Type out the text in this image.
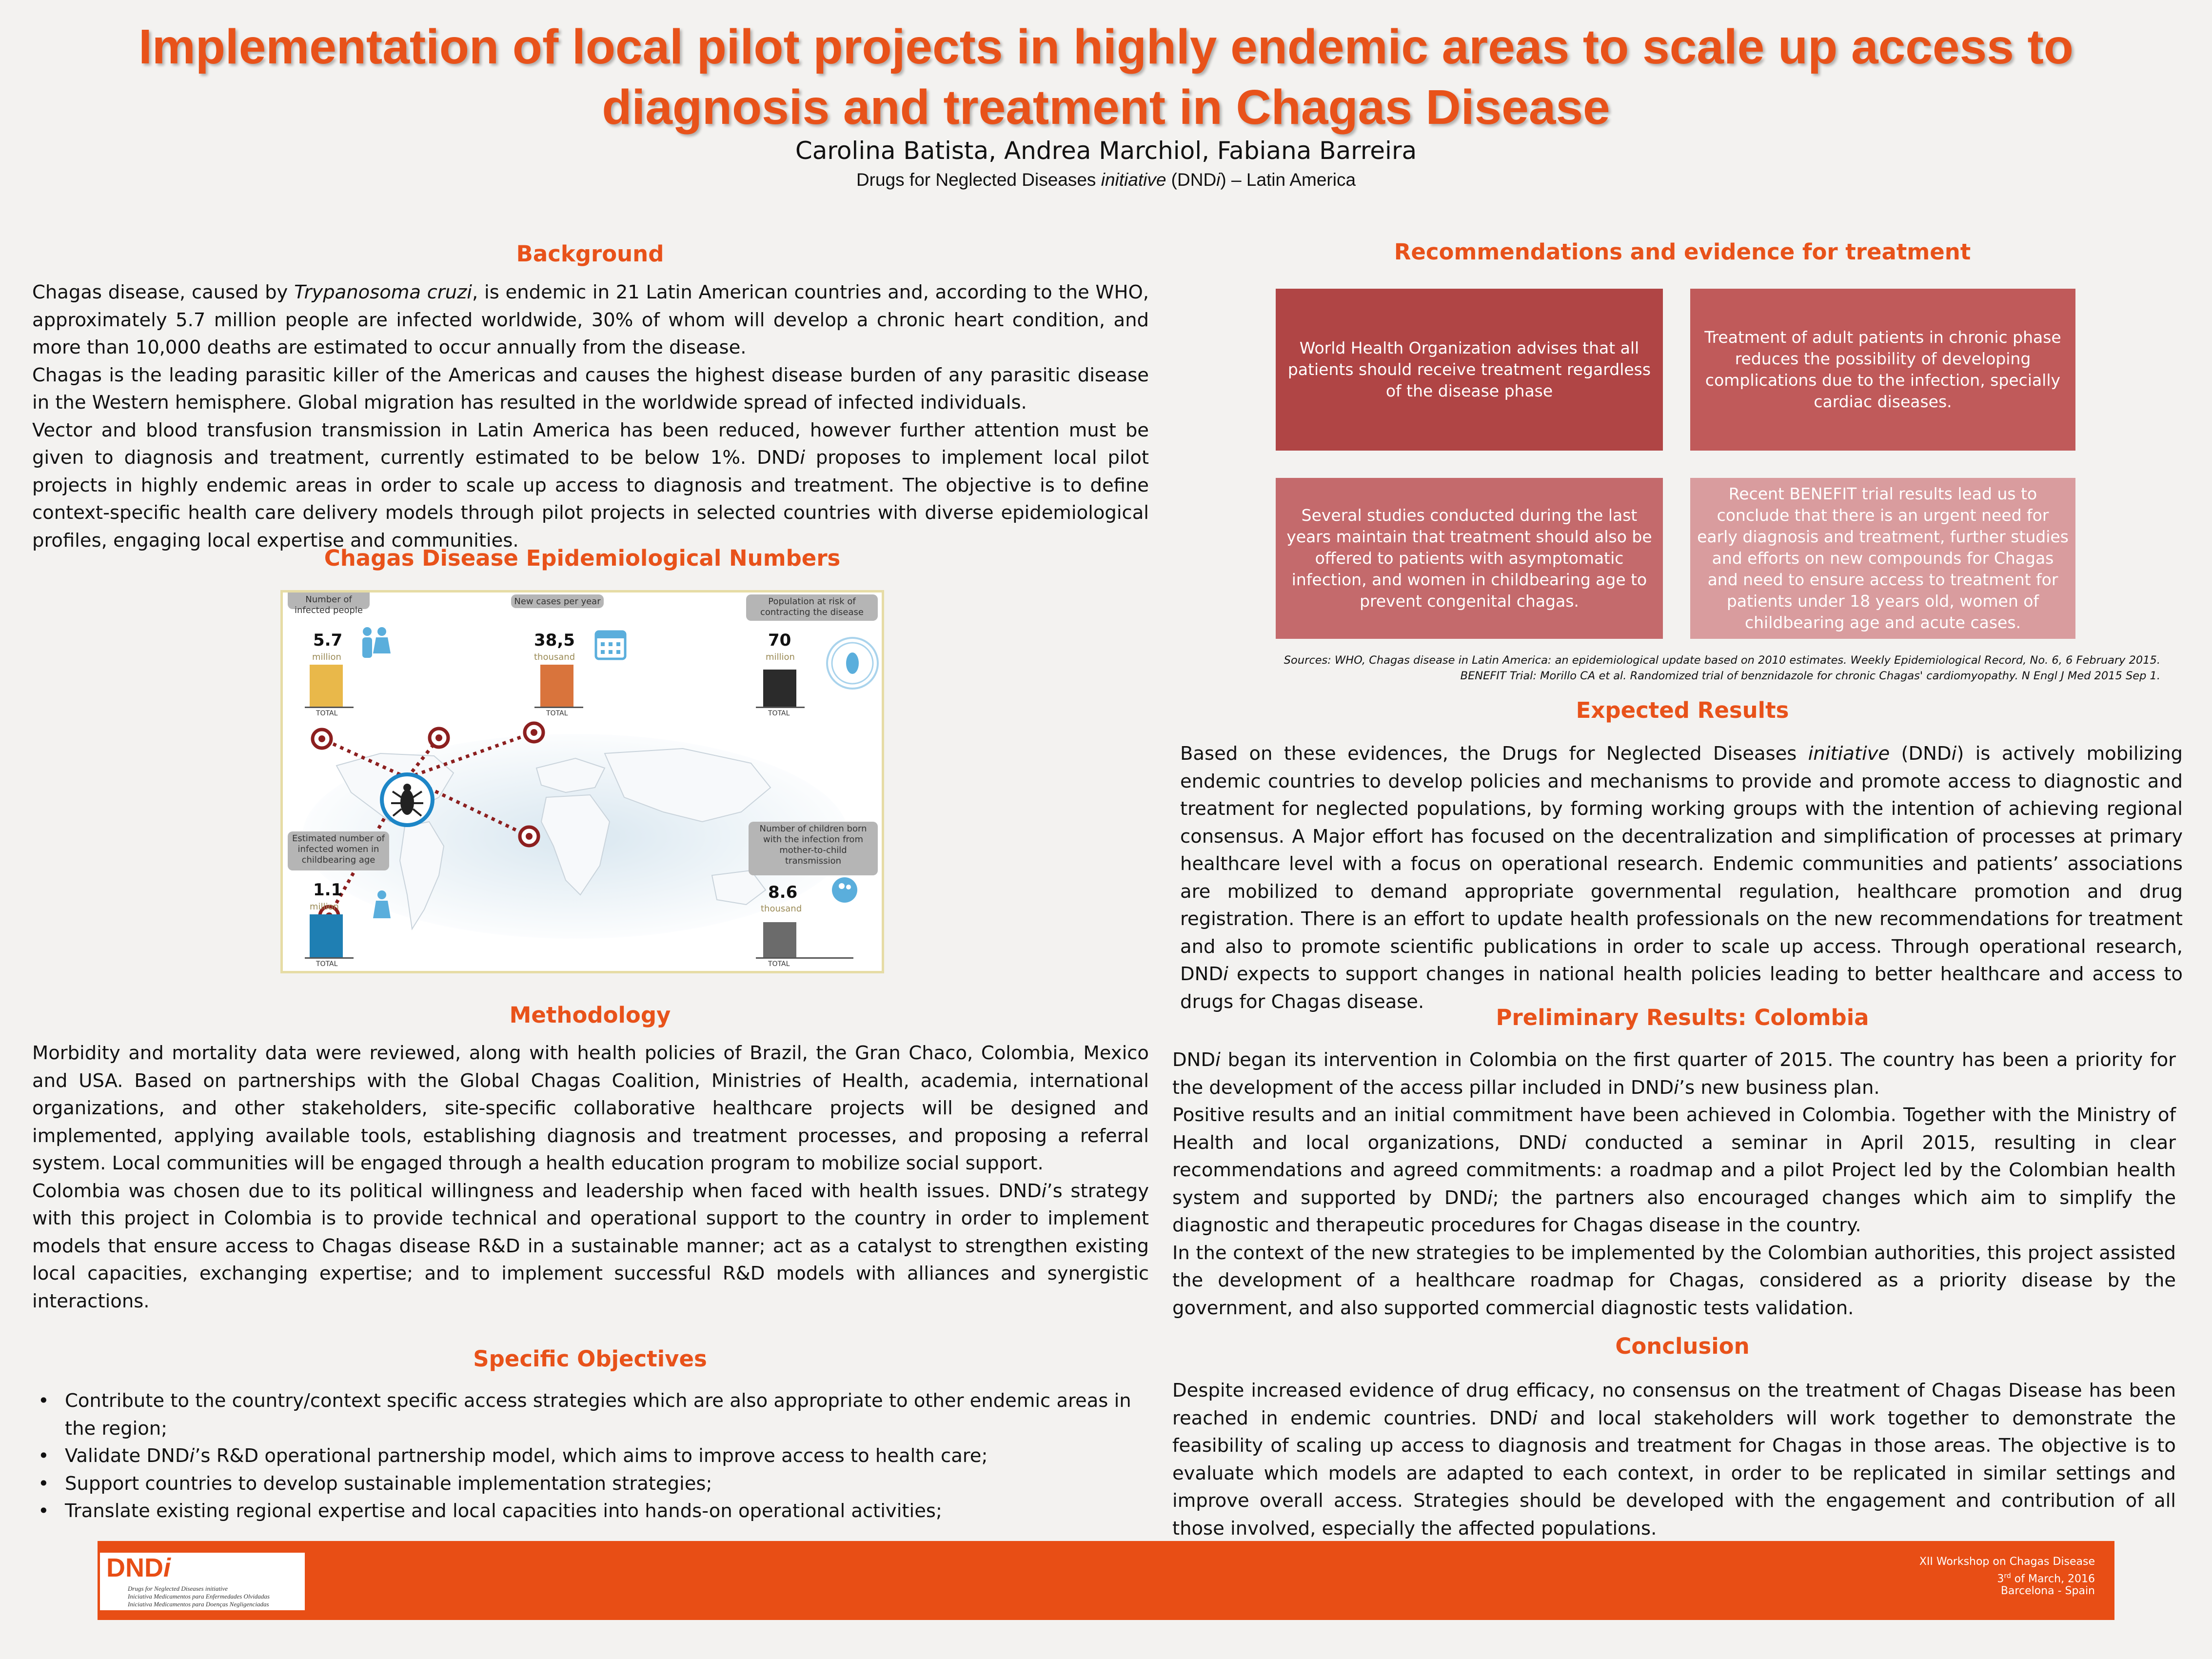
Implementation of local pilot projects in highly endemic areas to scale up access to
diagnosis and treatment in Chagas Disease
Carolina Batista, Andrea Marchiol, Fabiana Barreira
Drugs for Neglected Diseases initiative (DNDi) – Latin America
Background

Chagas disease, caused by Trypanosoma cruzi, is endemic in 21 Latin American countries and, according to the WHO, approximately 5.7 million people are infected worldwide, 30% of whom will develop a chronic heart condition, and more than 10,000 deaths are estimated to occur annually from the disease.

Chagas is the leading parasitic killer of the Americas and causes the highest disease burden of any parasitic disease in the Western hemisphere. Global migration has resulted in the worldwide spread of infected individuals.

Vector and blood transfusion transmission in Latin America has been reduced, however further attention must be given to diagnosis and treatment, currently estimated to be below 1%. DNDi proposes to implement local pilot projects in highly endemic areas in order to scale up access to diagnosis and treatment. The objective is to define context-specific health care delivery models through pilot projects in selected countries with diverse epidemiological profiles, engaging local expertise and communities.

Chagas Disease Epidemiological Numbers
Number of infected people
5.7
million
TOTAL
New cases per year
38,5
thousand
TOTAL
Population at risk of contracting the disease
70
million
TOTAL
Estimated number of infected women in childbearing age
1.1
million
TOTAL
Number of children born with the infection from mother-to-child transmission
8.6
thousand
TOTAL
Methodology

Morbidity and mortality data were reviewed, along with health policies of Brazil, the Gran Chaco, Colombia, Mexico and USA. Based on partnerships with the Global Chagas Coalition, Ministries of Health, academia, international organizations, and other stakeholders, site-specific collaborative healthcare projects will be designed and implemented, applying available tools, establishing diagnosis and treatment processes, and proposing a referral system. Local communities will be engaged through a health education program to mobilize social support.

Colombia was chosen due to its political willingness and leadership when faced with health issues. DNDi’s strategy with this project in Colombia is to provide technical and operational support to the country in order to implement models that ensure access to Chagas disease R&D in a sustainable manner; act as a catalyst to strengthen existing local capacities, exchanging expertise; and to implement successful R&D models with alliances and synergistic interactions.

Specific Objectives
• Contribute to the country/context specific access strategies which are also appropriate to other endemic areas in the region;
• Validate DNDi’s R&D operational partnership model, which aims to improve access to health care;
• Support countries to develop sustainable implementation strategies;
• Translate existing regional expertise and local capacities into hands-on operational activities;
Recommendations and evidence for treatment
World Health Organization advises that all patients should receive treatment regardless of the disease phase
Treatment of adult patients in chronic phase reduces the possibility of developing complications due to the infection, specially cardiac diseases.
Several studies conducted during the last years maintain that treatment should also be offered to patients with asymptomatic infection, and women in childbearing age to prevent congenital chagas.
Recent BENEFIT trial results lead us to conclude that there is an urgent need for early diagnosis and treatment, further studies and efforts on new compounds for Chagas and need to ensure access to treatment for patients under 18 years old, women of childbearing age and acute cases.
Sources: WHO, Chagas disease in Latin America: an epidemiological update based on 2010 estimates. Weekly Epidemiological Record, No. 6, 6 February 2015.
BENEFIT Trial: Morillo CA et al. Randomized trial of benznidazole for chronic Chagas' cardiomyopathy. N Engl J Med 2015 Sep 1.
Expected Results

Based on these evidences, the Drugs for Neglected Diseases initiative (DNDi) is actively mobilizing endemic countries to develop policies and mechanisms to provide and promote access to diagnostic and treatment for neglected populations, by forming working groups with the intention of achieving regional consensus. A Major effort has focused on the decentralization and simplification of processes at primary healthcare level with a focus on operational research. Endemic communities and patients’ associations are mobilized to demand appropriate governmental regulation, healthcare promotion and drug registration. There is an effort to update health professionals on the new recommendations for treatment and also to promote scientific publications in order to scale up access. Through operational research, DNDi expects to support changes in national health policies leading to better healthcare and access to drugs for Chagas disease.

Preliminary Results: Colombia

DNDi began its intervention in Colombia on the first quarter of 2015. The country has been a priority for the development of the access pillar included in DNDi’s new business plan.

Positive results and an initial commitment have been achieved in Colombia. Together with the Ministry of Health and local organizations, DNDi conducted a seminar in April 2015, resulting in clear recommendations and agreed commitments: a roadmap and a pilot Project led by the Colombian health system and supported by DNDi; the partners also encouraged changes which aim to simplify the diagnostic and therapeutic procedures for Chagas disease in the country.

In the context of the new strategies to be implemented by the Colombian authorities, this project assisted the development of a healthcare roadmap for Chagas, considered as a priority disease by the government, and also supported commercial diagnostic tests validation.

Conclusion

Despite increased evidence of drug efficacy, no consensus on the treatment of Chagas Disease has been reached in endemic countries. DNDi and local stakeholders will work together to demonstrate the feasibility of scaling up access to diagnosis and treatment for Chagas in those areas. The objective is to evaluate which models are adapted to each context, in order to be replicated in similar settings and improve overall access. Strategies should be developed with the engagement and contribution of all those involved, especially the affected populations.

DNDi
Drugs for Neglected Diseases initiative
Iniciativa Medicamentos para Enfermedades Olvidadas
Iniciativa Medicamentos para Doenças Negligenciadas
XII Workshop on Chagas Disease
3rd of March, 2016
Barcelona - Spain
